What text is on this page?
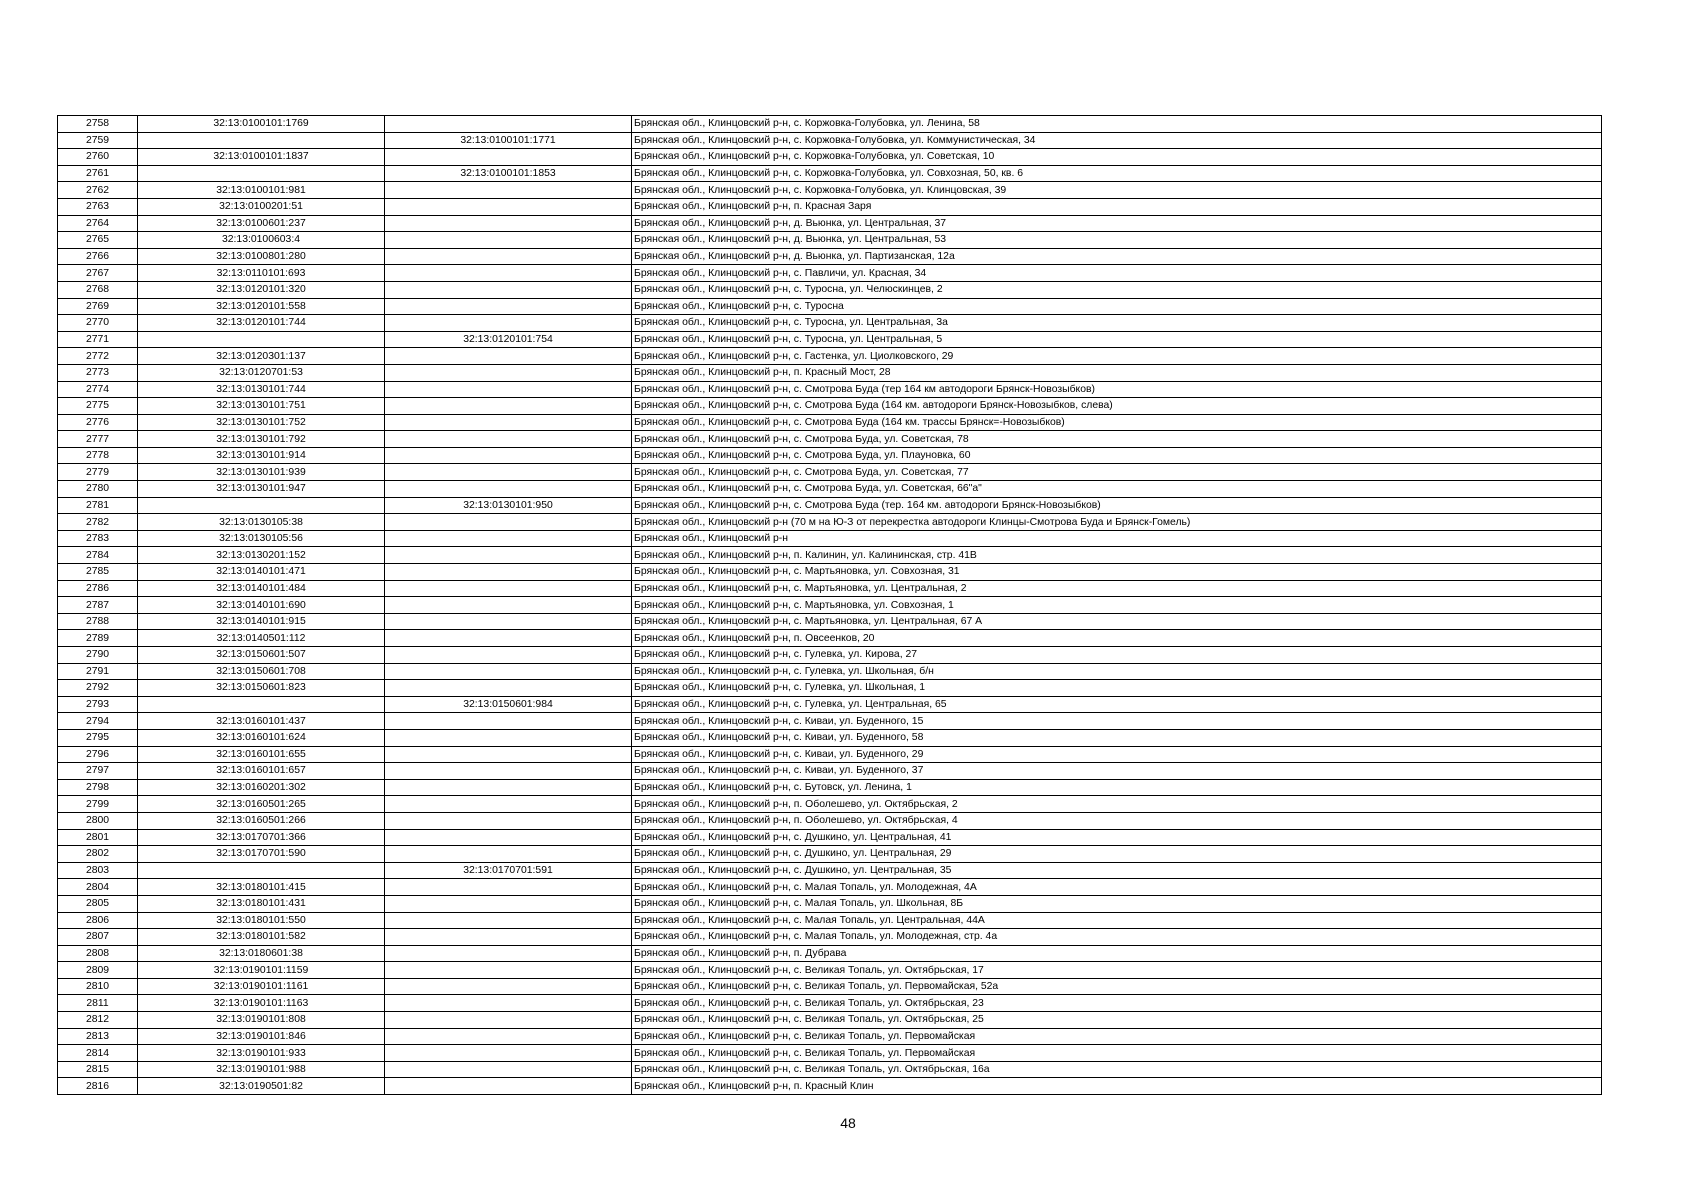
2758	32:13:0100101:1769		Брянская обл., Клинцовский р-н, с. Коржовка-Голубовка, ул. Ленина, 58
2759		32:13:0100101:1771	Брянская обл., Клинцовский р-н, с. Коржовка-Голубовка, ул. Коммунистическая, 34
2760	32:13:0100101:1837		Брянская обл., Клинцовский р-н, с. Коржовка-Голубовка, ул. Советская, 10
2761		32:13:0100101:1853	Брянская обл., Клинцовский р-н, с. Коржовка-Голубовка, ул. Совхозная, 50, кв. 6
2762	32:13:0100101:981		Брянская обл., Клинцовский р-н, с. Коржовка-Голубовка, ул. Клинцовская, 39
2763	32:13:0100201:51		Брянская обл., Клинцовский р-н, п. Красная Заря
2764	32:13:0100601:237		Брянская обл., Клинцовский р-н, д. Вьюнка, ул. Центральная, 37
2765	32:13:0100603:4		Брянская обл., Клинцовский р-н, д. Вьюнка, ул. Центральная, 53
2766	32:13:0100801:280		Брянская обл., Клинцовский р-н, д. Вьюнка, ул. Партизанская, 12а
2767	32:13:0110101:693		Брянская обл., Клинцовский р-н, с. Павличи, ул. Красная, 34
2768	32:13:0120101:320		Брянская обл., Клинцовский р-н, с. Туросна, ул. Челюскинцев, 2
2769	32:13:0120101:558		Брянская обл., Клинцовский р-н, с. Туросна
2770	32:13:0120101:744		Брянская обл., Клинцовский р-н, с. Туросна, ул. Центральная, 3а
2771		32:13:0120101:754	Брянская обл., Клинцовский р-н, с. Туросна, ул. Центральная, 5
2772	32:13:0120301:137		Брянская обл., Клинцовский р-н, с. Гастенка, ул. Циолковского, 29
2773	32:13:0120701:53		Брянская обл., Клинцовский р-н, п. Красный Мост, 28
2774	32:13:0130101:744		Брянская обл., Клинцовский р-н, с. Смотрова Буда (тер 164 км автодороги Брянск-Новозыбков)
2775	32:13:0130101:751		Брянская обл., Клинцовский р-н, с. Смотрова Буда (164 км. автодороги Брянск-Новозыбков, слева)
2776	32:13:0130101:752		Брянская обл., Клинцовский р-н, с. Смотрова Буда (164 км. трассы Брянск=-Новозыбков)
2777	32:13:0130101:792		Брянская обл., Клинцовский р-н, с. Смотрова Буда, ул. Советская, 78
2778	32:13:0130101:914		Брянская обл., Клинцовский р-н, с. Смотрова Буда, ул. Плауновка, 60
2779	32:13:0130101:939		Брянская обл., Клинцовский р-н, с. Смотрова Буда, ул. Советская, 77
2780	32:13:0130101:947		Брянская обл., Клинцовский р-н, с. Смотрова Буда, ул. Советская, 66"а"
2781		32:13:0130101:950	Брянская обл., Клинцовский р-н, с. Смотрова Буда (тер. 164 км. автодороги Брянск-Новозыбков)
2782	32:13:0130105:38		Брянская обл., Клинцовский р-н (70 м на Ю-З от перекрестка автодороги Клинцы-Смотрова Буда и Брянск-Гомель)
2783	32:13:0130105:56		Брянская обл., Клинцовский р-н
2784	32:13:0130201:152		Брянская обл., Клинцовский р-н, п. Калинин, ул. Калининская, стр. 41В
2785	32:13:0140101:471		Брянская обл., Клинцовский р-н, с. Мартьяновка, ул. Совхозная, 31
2786	32:13:0140101:484		Брянская обл., Клинцовский р-н, с. Мартьяновка, ул. Центральная, 2
2787	32:13:0140101:690		Брянская обл., Клинцовский р-н, с. Мартьяновка, ул. Совхозная, 1
2788	32:13:0140101:915		Брянская обл., Клинцовский р-н, с. Мартьяновка, ул. Центральная, 67 А
2789	32:13:0140501:112		Брянская обл., Клинцовский р-н, п. Овсеенков, 20
2790	32:13:0150601:507		Брянская обл., Клинцовский р-н, с. Гулевка, ул. Кирова, 27
2791	32:13:0150601:708		Брянская обл., Клинцовский р-н, с. Гулевка, ул. Школьная, б/н
2792	32:13:0150601:823		Брянская обл., Клинцовский р-н, с. Гулевка, ул. Школьная, 1
2793		32:13:0150601:984	Брянская обл., Клинцовский р-н, с. Гулевка, ул. Центральная, 65
2794	32:13:0160101:437		Брянская обл., Клинцовский р-н, с. Киваи, ул. Буденного, 15
2795	32:13:0160101:624		Брянская обл., Клинцовский р-н, с. Киваи, ул. Буденного, 58
2796	32:13:0160101:655		Брянская обл., Клинцовский р-н, с. Киваи, ул. Буденного, 29
2797	32:13:0160101:657		Брянская обл., Клинцовский р-н, с. Киваи, ул. Буденного, 37
2798	32:13:0160201:302		Брянская обл., Клинцовский р-н, с. Бутовск, ул. Ленина, 1
2799	32:13:0160501:265		Брянская обл., Клинцовский р-н, п. Оболешево, ул. Октябрьская, 2
2800	32:13:0160501:266		Брянская обл., Клинцовский р-н, п. Оболешево, ул. Октябрьская, 4
2801	32:13:0170701:366		Брянская обл., Клинцовский р-н, с. Душкино, ул. Центральная, 41
2802	32:13:0170701:590		Брянская обл., Клинцовский р-н, с. Душкино, ул. Центральная, 29
2803		32:13:0170701:591	Брянская обл., Клинцовский р-н, с. Душкино, ул. Центральная, 35
2804	32:13:0180101:415		Брянская обл., Клинцовский р-н, с. Малая Топаль, ул. Молодежная, 4А
2805	32:13:0180101:431		Брянская обл., Клинцовский р-н, с. Малая Топаль, ул. Школьная, 8Б
2806	32:13:0180101:550		Брянская обл., Клинцовский р-н, с. Малая Топаль, ул. Центральная, 44А
2807	32:13:0180101:582		Брянская обл., Клинцовский р-н, с. Малая Топаль, ул. Молодежная, стр. 4а
2808	32:13:0180601:38		Брянская обл., Клинцовский р-н, п. Дубрава
2809	32:13:0190101:1159		Брянская обл., Клинцовский р-н, с. Великая Топаль, ул. Октябрьская, 17
2810	32:13:0190101:1161		Брянская обл., Клинцовский р-н, с. Великая Топаль, ул. Первомайская, 52а
2811	32:13:0190101:1163		Брянская обл., Клинцовский р-н, с. Великая Топаль, ул. Октябрьская, 23
2812	32:13:0190101:808		Брянская обл., Клинцовский р-н, с. Великая Топаль, ул. Октябрьская, 25
2813	32:13:0190101:846		Брянская обл., Клинцовский р-н, с. Великая Топаль, ул. Первомайская
2814	32:13:0190101:933		Брянская обл., Клинцовский р-н, с. Великая Топаль, ул. Первомайская
2815	32:13:0190101:988		Брянская обл., Клинцовский р-н, с. Великая Топаль, ул. Октябрьская, 16а
2816	32:13:0190501:82		Брянская обл., Клинцовский р-н, п. Красный Клин
48
